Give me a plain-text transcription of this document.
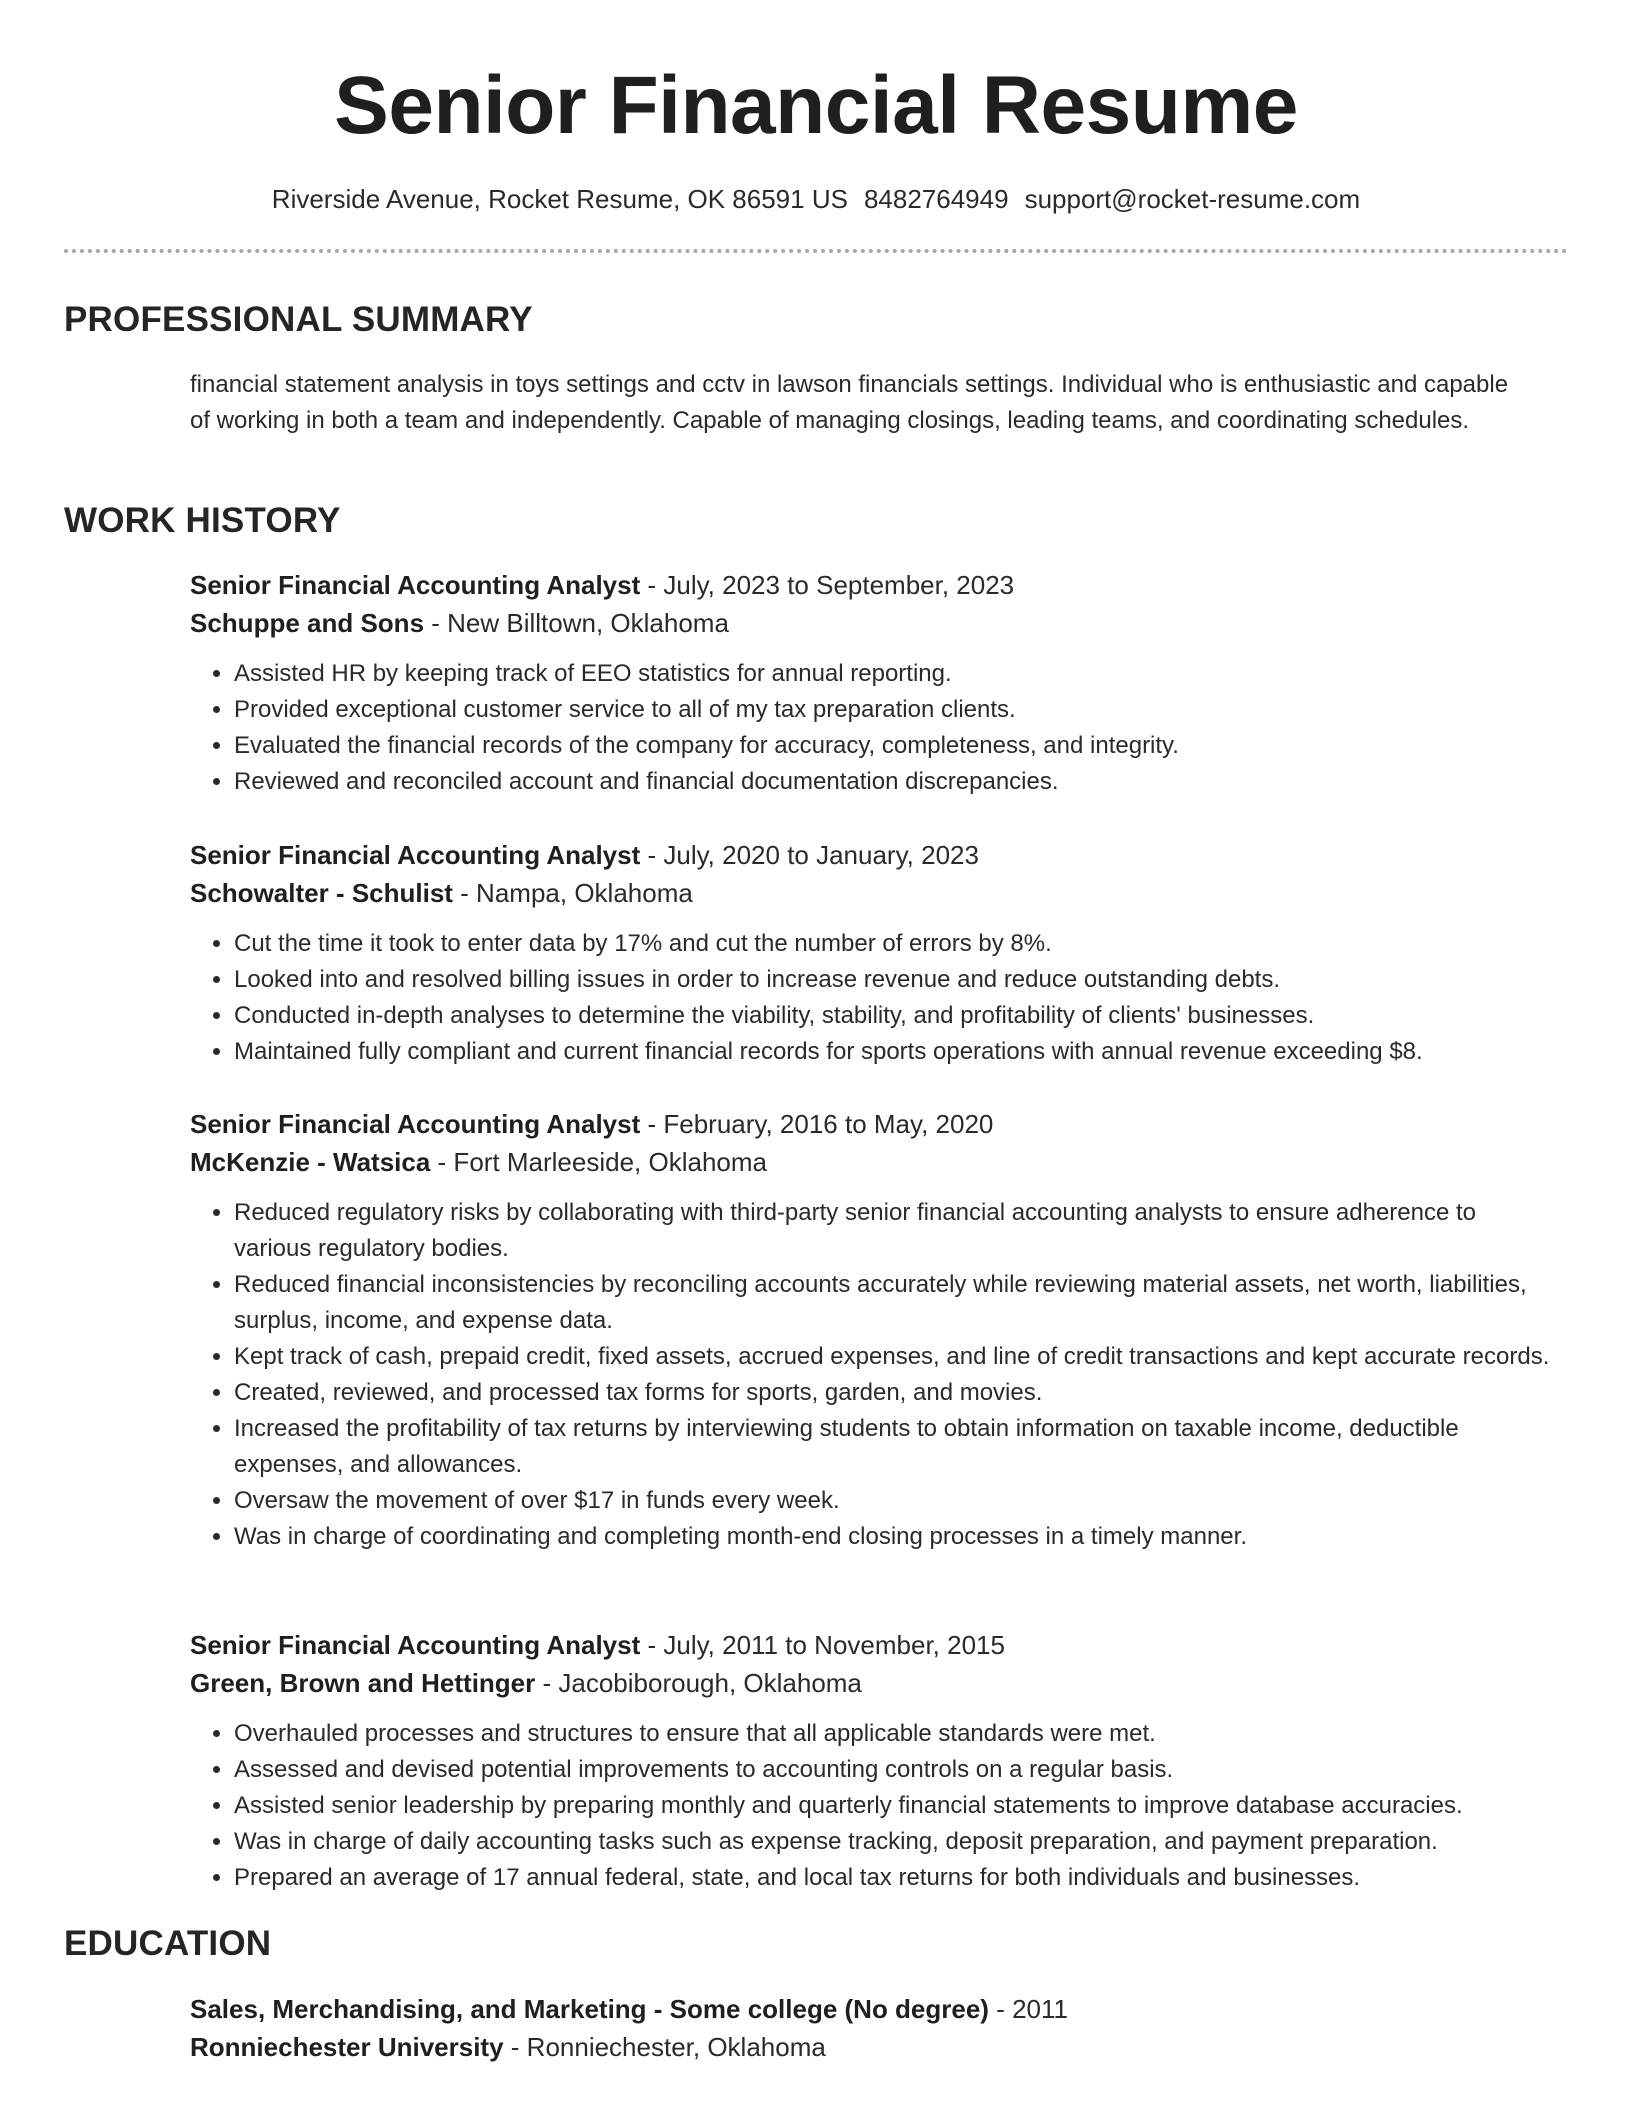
Senior Financial Resume

Riverside Avenue, Rocket Resume, OK 86591 US 8482764949 support@rocket-resume.com

PROFESSIONAL SUMMARY

financial statement analysis in toys settings and cctv in lawson financials settings. Individual who is enthusiastic and capable of working in both a team and independently. Capable of managing closings, leading teams, and coordinating schedules.

WORK HISTORY

Senior Financial Accounting Analyst - July, 2023 to September, 2023

Schuppe and Sons - New Billtown, Oklahoma

• Assisted HR by keeping track of EEO statistics for annual reporting.
• Provided exceptional customer service to all of my tax preparation clients.
• Evaluated the financial records of the company for accuracy, completeness, and integrity.
• Reviewed and reconciled account and financial documentation discrepancies.

Senior Financial Accounting Analyst - July, 2020 to January, 2023

Schowalter - Schulist - Nampa, Oklahoma

• Cut the time it took to enter data by 17% and cut the number of errors by 8%.
• Looked into and resolved billing issues in order to increase revenue and reduce outstanding debts.
• Conducted in-depth analyses to determine the viability, stability, and profitability of clients' businesses.
• Maintained fully compliant and current financial records for sports operations with annual revenue exceeding $8.

Senior Financial Accounting Analyst - February, 2016 to May, 2020

McKenzie - Watsica - Fort Marleeside, Oklahoma

• Reduced regulatory risks by collaborating with third-party senior financial accounting analysts to ensure adherence to various regulatory bodies.
• Reduced financial inconsistencies by reconciling accounts accurately while reviewing material assets, net worth, liabilities, surplus, income, and expense data.
• Kept track of cash, prepaid credit, fixed assets, accrued expenses, and line of credit transactions and kept accurate records.
• Created, reviewed, and processed tax forms for sports, garden, and movies.
• Increased the profitability of tax returns by interviewing students to obtain information on taxable income, deductible expenses, and allowances.
• Oversaw the movement of over $17 in funds every week.
• Was in charge of coordinating and completing month-end closing processes in a timely manner.

Senior Financial Accounting Analyst - July, 2011 to November, 2015

Green, Brown and Hettinger - Jacobiborough, Oklahoma

• Overhauled processes and structures to ensure that all applicable standards were met.
• Assessed and devised potential improvements to accounting controls on a regular basis.
• Assisted senior leadership by preparing monthly and quarterly financial statements to improve database accuracies.
• Was in charge of daily accounting tasks such as expense tracking, deposit preparation, and payment preparation.
• Prepared an average of 17 annual federal, state, and local tax returns for both individuals and businesses.
EDUCATION

Sales, Merchandising, and Marketing - Some college (No degree) - 2011

Ronniechester University - Ronniechester, Oklahoma
